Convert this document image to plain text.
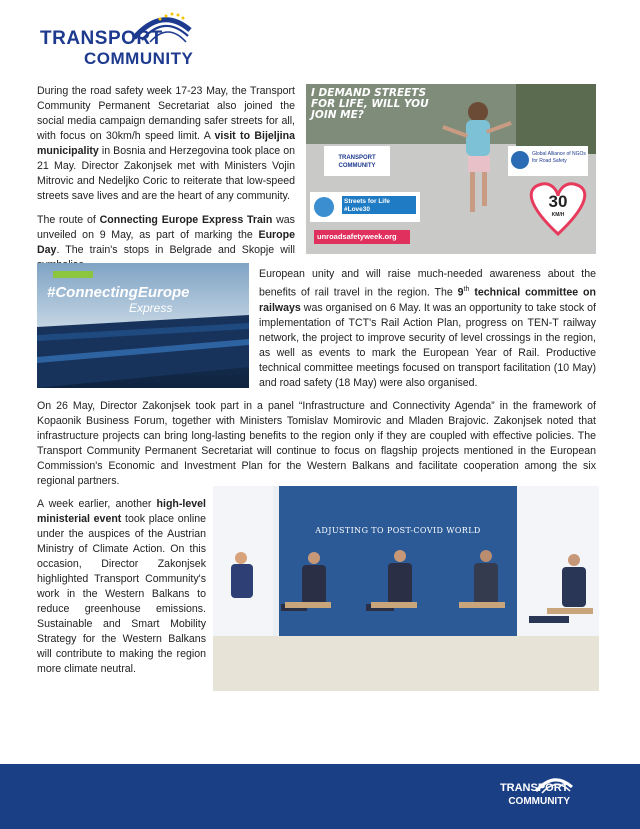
TRANSPORT
COMMUNITY
During the road safety week 17-23 May, the Transport Community Permanent Secretariat also joined the social media campaign demanding safer streets for all, with focus on 30km/h speed limit. A visit to Bijeljina municipality in Bosnia and Herzegovina took place on 21 May. Director Zakonjsek met with Ministers Vojin Mitrovic and Nedeljko Coric to reiterate that low-speed streets save lives and are the heart of any community.
The route of Connecting Europe Express Train was unveiled on 9 May, as part of marking the Europe Day. The train's stops in Belgrade and Skopje will
I DEMAND STREETS FOR LIFE, WILL YOU JOIN ME?
TRANSPORT COMMUNITY
Global Alliance of NGOs for Road Safety
Streets for Life
#Love30
unroadsafetyweek.org
30
KM/H
#ConnectingEurope
Express
European unity and will raise much-needed awareness about the benefits of rail travel in the region. The 9th technical committee on railways was organised on 6 May. It was an opportunity to take stock of implementation of TCT's Rail Action Plan, progress on TEN-T railway network, the project to improve security of level crossings in the region, as well as events to mark the European Year of Rail. Productive technical committee meetings focused on transport facilitation (10 May) and road safety (18 May) were also organised.
On 26 May, Director Zakonjsek took part in a panel “Infrastructure and Connectivity Agenda” in the framework of Kopaonik Business Forum, together with Ministers Tomislav Momirovic and Mladen Brajovic. Zakonjsek noted that infrastructure projects can bring long-lasting benefits to the region only if they are coupled with effective policies. The Transport Community Permanent Secretariat will continue to focus on flagship projects mentioned in the European Commission's Economic and Investment Plan for the Western Balkans and facilitate cooperation among the six regional partners.
A week earlier, another high-level ministerial event took place online under the auspices of the Austrian Ministry of Climate Action. On this occasion, Director Zakonjsek highlighted Transport Community's work in the Western Balkans to reduce greenhouse emissions. Sustainable and Smart Mobility Strategy for the Western Balkans will contribute to making the region more climate neutral.
ADJUSTING TO POST-COVID WORLD
TRANSPORT
COMMUNITY
